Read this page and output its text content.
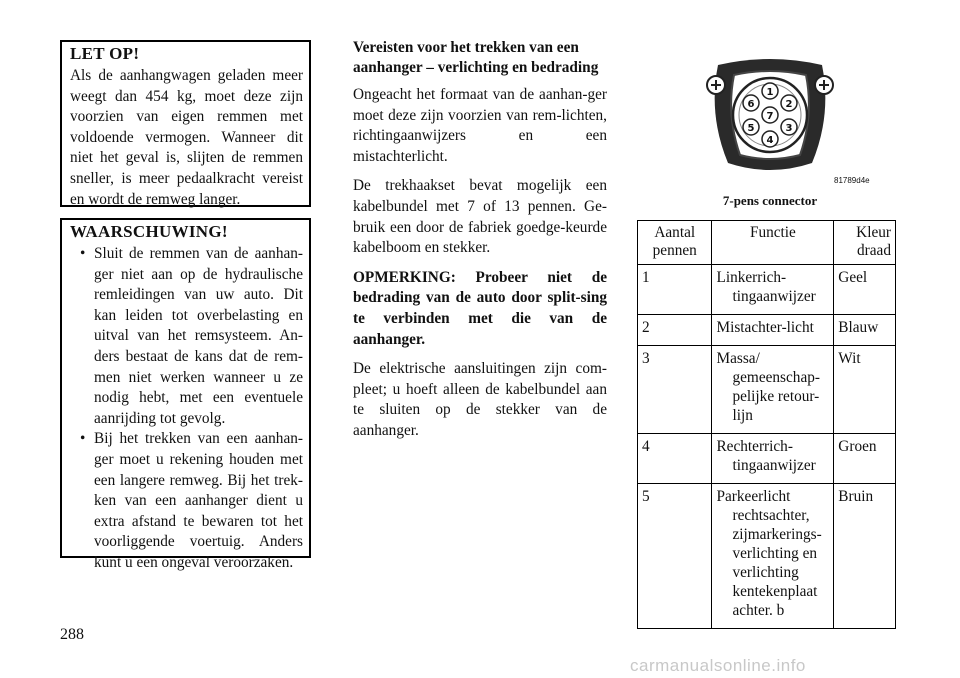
LET OP!

Als de aanhangwagen geladen meer weegt dan 454 kg, moet deze zijn voorzien van eigen remmen met voldoende vermogen. Wanneer dit niet het geval is, slijten de remmen sneller, is meer pedaalkracht vereist en wordt de remweg langer.

WAARSCHUWING!
• Sluit de remmen van de aanhan-ger niet aan op de hydraulische remleidingen van uw auto. Dit kan leiden tot overbelasting en uitval van het remsysteem. An-ders bestaat de kans dat de rem-men niet werken wanneer u ze nodig hebt, met een eventuele aanrijding tot gevolg.
• Bij het trekken van een aanhan-ger moet u rekening houden met een langere remweg. Bij het trek-ken van een aanhanger dient u extra afstand te bewaren tot het voorliggende voertuig. Anders kunt u een ongeval veroorzaken.
Vereisten voor het trekken van een aanhanger – verlichting en bedrading

Ongeacht het formaat van de aanhan-ger moet deze zijn voorzien van rem-lichten, richtingaanwijzers en een mistachterlicht.

De trekhaakset bevat mogelijk een kabelbundel met 7 of 13 pennen. Ge-bruik een door de fabriek goedge-keurde kabelboom en stekker.

OPMERKING: Probeer niet de bedrading van de auto door split-sing te verbinden met die van de aanhanger.

De elektrische aansluitingen zijn com-pleet; u hoeft alleen de kabelbundel aan te sluiten op de stekker van de aanhanger.

1
2
3
4
5
6
7
81789d4e
7-pens connector
Aantal pennen	Functie	Kleur draad
1	Linkerrich-tingaanwijzer	Geel
2	Mistachter-licht	Blauw
3	Massa/ gemeenschap-pelijke retour-lijn	Wit
4	Rechterrich-tingaanwijzer	Groen
5	Parkeerlicht rechtsachter, zijmarkerings-verlichting en verlichting kentekenplaat achter. b	Bruin
288
carmanualsonline.info
